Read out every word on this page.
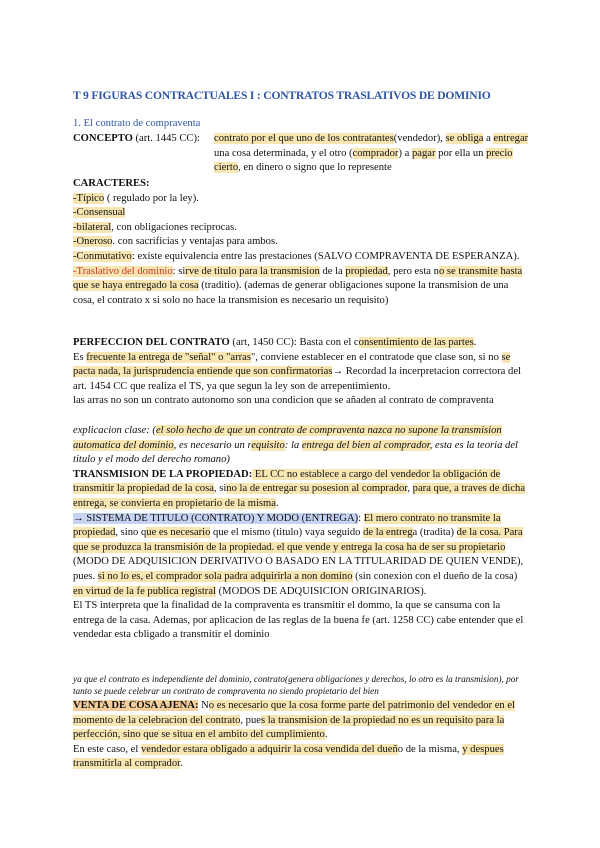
T 9 FIGURAS CONTRACTUALES I : CONTRATOS TRASLATIVOS DE DOMINIO
1. El contrato de compraventa
CONCEPTO (art. 1445 CC): contrato por el que uno de los contratantes(vendedor), se obliga a entregar una cosa determinada, y el otro (comprador) a pagar por ella un precio cierto, en dinero o signo que lo represente

CARACTERES:

-Típico ( regulado por la ley).

-Consensual

-bilateral, con obligaciones reciprocas.

-Oneroso. con sacrificias y ventajas para ambos.

-Conmutativo: existe equivalencia entre las prestaciones (SALVO COMPRAVENTA DE ESPERANZA).

-Traslativo del dominio: sirve de titulo para la transmision de la propiedad, pero esta no se transmite hasta que se haya entregado la cosa (traditio). (ademas de generar obligaciones supone la transmision de una cosa, el contrato x si solo no hace la transmision es necesario un requisito)

PERFECCION DEL CONTRATO (art, 1450 CC): Basta con el consentimiento de las partes.

Es frecuente la entrega de "señal" o "arras", conviene establecer en el contratode que clase son, si no se pacta nada, la jurisprudencia entiende que son confirmatorias→ Recordad la incerpretacion correctora del art. 1454 CC que realiza el TS, ya que segun la ley son de arrepentimiento.

las arras no son un contrato autonomo son una condicion que se añaden al contrato de compraventa

explicacion clase: (el solo hecho de que un contrato de compraventa nazca no supone la transmision automatica del dominio, es necesario un requisito: la entrega del bien al comprador, esta es la teoria del titulo y el modo del derecho romano)

TRANSMISION DE LA PROPIEDAD: EL CC no establece a cargo del vendedor la obligación de transmitir la propiedad de la cosa, sino la de entregar su posesion al comprador, para que, a traves de dicha entrega, se convierta en propietario de la misma.

→ SISTEMA DE TITULO (CONTRATO) Y MODO (ENTREGA): El mero contrato no transmite la propiedad, sino que es necesario que el mismo (titulo) vaya seguido de la entrega (tradita) de la cosa. Para que se produzca la transmisión de la propiedad. el que vende y entrega la cosa ha de ser su propietario (MODO DE ADQUISICION DERIVATIVO O BASADO EN LA TITULARIDAD DE QUIEN VENDE), pues. si no lo es, el comprador sola padra adquirirla a non domino (sin conexion con el dueño de la cosa) en virtud de la fe publica registral (MODOS DE ADQUISICION ORIGINARIOS).

El TS interpreta que la finalidad de la compraventa es transmitir el dommo, la que se cansuma con la entrega de la casa. Ademas, por aplicacion de las reglas de la buena fe (art. 1258 CC) cabe entender que el vendedar esta cbligado a transmitir el dominio

ya que el contrato es independiente del dominio, contrato(genera obligaciones y derechos, lo otro es la transmision), por tanto se puede celebrar un contrato de compraventa no siendo propietario del bien

VENTA DE COSA AJENA: No es necesario que la cosa forme parte del patrimonio del vendedor en el momento de la celebracion del contrato, pues la transmision de la propiedad no es un requisito para la perfección, sino que se situa en el ambito del cumplimiento.

En este caso, el vendedor estara obligado a adquirir la cosa vendida del dueño de la misma, y despues transmitirla al comprador.
